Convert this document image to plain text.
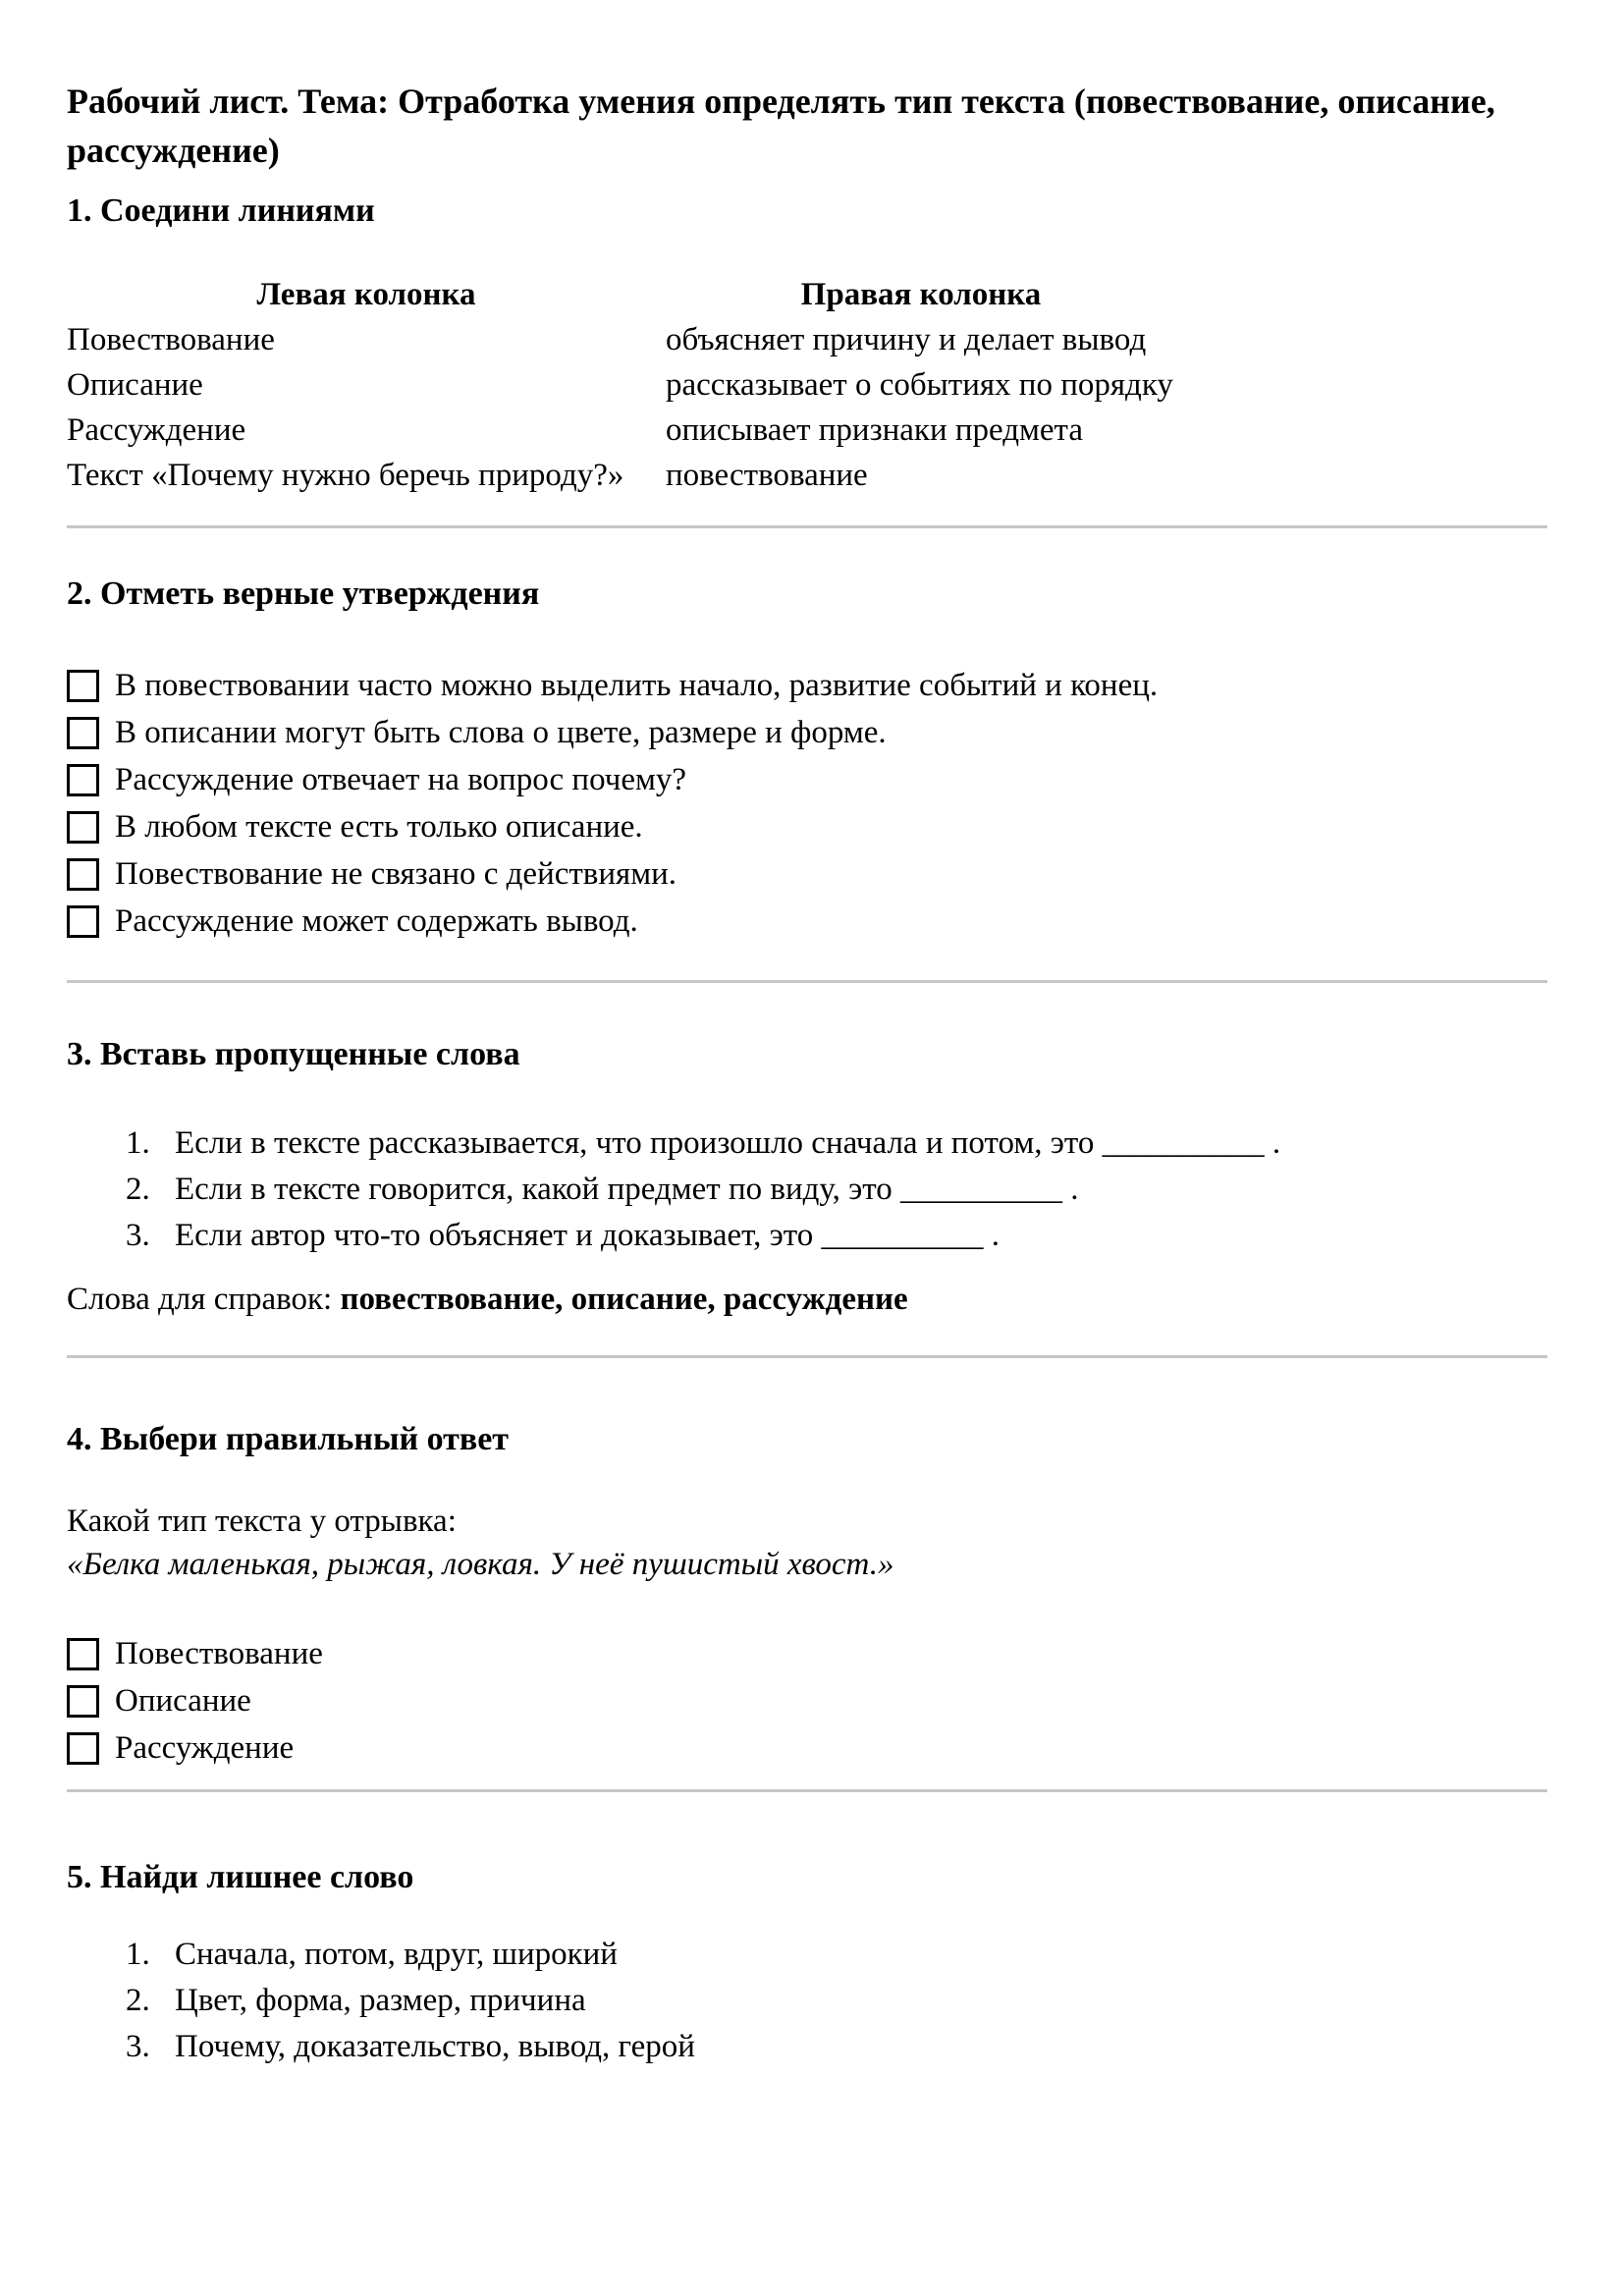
Рабочий лист. Тема: Отработка умения определять тип текста (повествование, описание, рассуждение)
1. Соедини линиями
Левая колонка	Правая колонка
Повествование	объясняет причину и делает вывод
Описание	рассказывает о событиях по порядку
Рассуждение	описывает признаки предмета
Текст «Почему нужно беречь природу?»	повествование
2. Отметь верные утверждения
В повествовании часто можно выделить начало, развитие событий и конец.
В описании могут быть слова о цвете, размере и форме.
Рассуждение отвечает на вопрос почему?
В любом тексте есть только описание.
Повествование не связано с действиями.
Рассуждение может содержать вывод.
3. Вставь пропущенные слова
1. Если в тексте рассказывается, что произошло сначала и потом, это __________ .
2. Если в тексте говорится, какой предмет по виду, это __________ .
3. Если автор что-то объясняет и доказывает, это __________ .

Слова для справок: повествование, описание, рассуждение

4. Выбери правильный ответ

Какой тип текста у отрывка:

«Белка маленькая, рыжая, ловкая. У неё пушистый хвост.»

Повествование
Описание
Рассуждение
5. Найди лишнее слово
1. Сначала, потом, вдруг, широкий
2. Цвет, форма, размер, причина
3. Почему, доказательство, вывод, герой
